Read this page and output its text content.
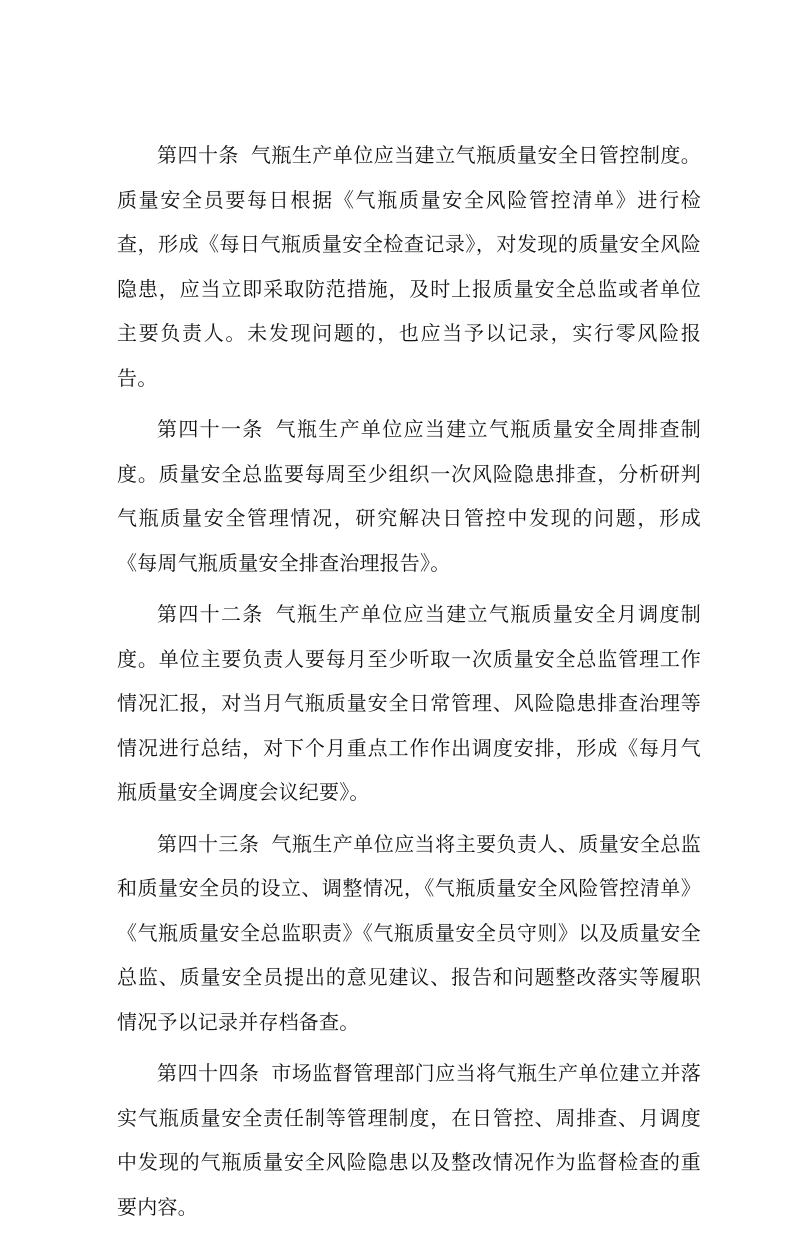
第四十条 气瓶生产单位应当建立气瓶质量安全日管控制度。质量安全员要每日根据《气瓶质量安全风险管控清单》进行检查，形成《每日气瓶质量安全检查记录》，对发现的质量安全风险隐患，应当立即采取防范措施，及时上报质量安全总监或者单位主要负责人。未发现问题的，也应当予以记录，实行零风险报告。

第四十一条 气瓶生产单位应当建立气瓶质量安全周排查制度。质量安全总监要每周至少组织一次风险隐患排查，分析研判气瓶质量安全管理情况，研究解决日管控中发现的问题，形成《每周气瓶质量安全排查治理报告》。

第四十二条 气瓶生产单位应当建立气瓶质量安全月调度制度。单位主要负责人要每月至少听取一次质量安全总监管理工作情况汇报，对当月气瓶质量安全日常管理、风险隐患排查治理等情况进行总结，对下个月重点工作作出调度安排，形成《每月气瓶质量安全调度会议纪要》。

第四十三条 气瓶生产单位应当将主要负责人、质量安全总监和质量安全员的设立、调整情况，《气瓶质量安全风险管控清单》《气瓶质量安全总监职责》《气瓶质量安全员守则》以及质量安全总监、质量安全员提出的意见建议、报告和问题整改落实等履职情况予以记录并存档备查。

第四十四条 市场监督管理部门应当将气瓶生产单位建立并落实气瓶质量安全责任制等管理制度，在日管控、周排查、月调度中发现的气瓶质量安全风险隐患以及整改情况作为监督检查的重要内容。
